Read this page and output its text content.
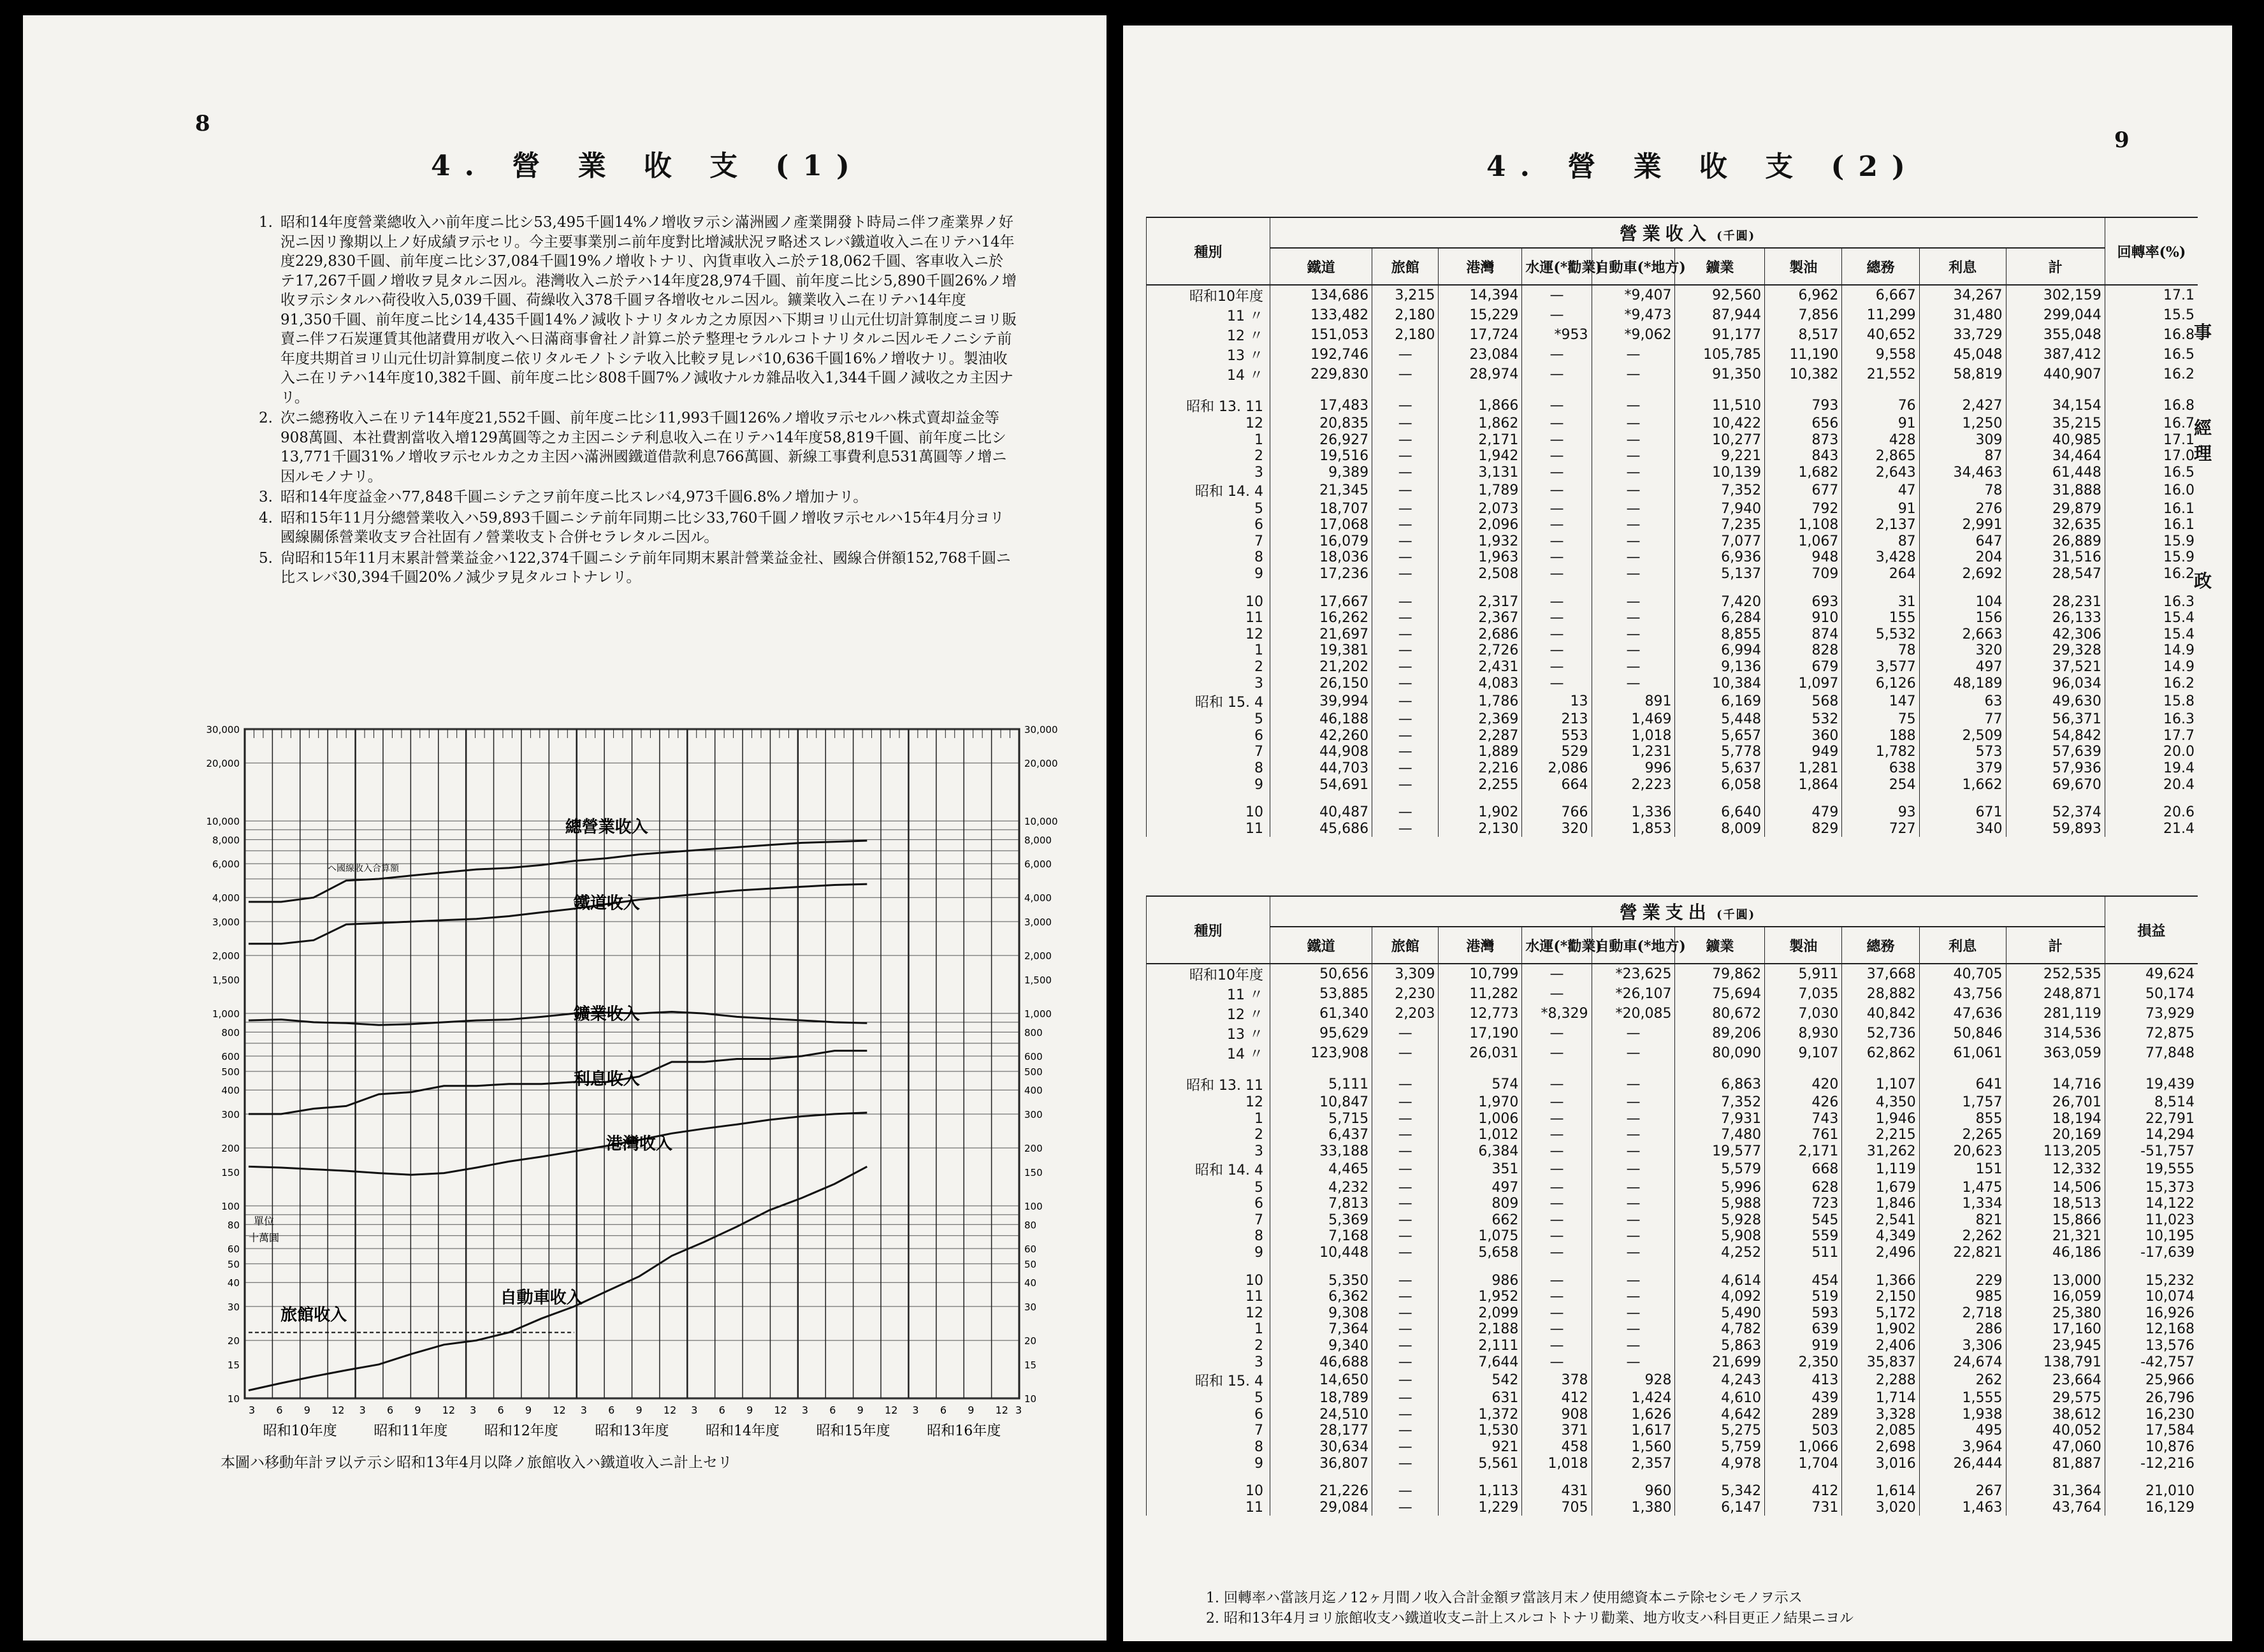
8
4. 營 業 收 支 (1)
1. 昭和14年度營業總收入ハ前年度ニ比シ53,495千圓14%ノ增收ヲ示シ滿洲國ノ產業開發ト時局ニ伴フ產業界ノ好況ニ因リ豫期以上ノ好成績ヲ示セリ。今主要事業別ニ前年度對比增減狀況ヲ略述スレバ鐵道收入ニ在リテハ14年度229,830千圓、前年度ニ比シ37,084千圓19%ノ增收トナリ、內貨車收入ニ於テ18,062千圓、客車收入ニ於テ17,267千圓ノ增收ヲ見タルニ因ル。港灣收入ニ於テハ14年度28,974千圓、前年度ニ比シ5,890千圓26%ノ增收ヲ示シタルハ荷役收入5,039千圓、荷繰收入378千圓ヲ各增收セルニ因ル。鑛業收入ニ在リテハ14年度91,350千圓、前年度ニ比シ14,435千圓14%ノ減收トナリタルカ之カ原因ハ下期ヨリ山元仕切計算制度ニヨリ販賣ニ伴フ石炭運賃其他諸費用ガ收入ヘ日滿商事會社ノ計算ニ於テ整理セラルルコトナリタルニ因ルモノニシテ前年度共期首ヨリ山元仕切計算制度ニ依リタルモノトシテ收入比較ヲ見レバ10,636千圓16%ノ增收ナリ。製油收入ニ在リテハ14年度10,382千圓、前年度ニ比シ808千圓7%ノ減收ナルカ雜品收入1,344千圓ノ減收之カ主因ナリ。
2. 次ニ總務收入ニ在リテ14年度21,552千圓、前年度ニ比シ11,993千圓126%ノ增收ヲ示セルハ株式賣却益金等908萬圓、本社費割當收入增129萬圓等之カ主因ニシテ利息收入ニ在リテハ14年度58,819千圓、前年度ニ比シ13,771千圓31%ノ增收ヲ示セルカ之カ主因ハ滿洲國鐵道借款利息766萬圓、新線工事費利息531萬圓等ノ增ニ因ルモノナリ。
3. 昭和14年度益金ハ77,848千圓ニシテ之ヲ前年度ニ比スレバ4,973千圓6.8%ノ增加ナリ。
4. 昭和15年11月分總營業收入ハ59,893千圓ニシテ前年同期ニ比シ33,760千圓ノ增收ヲ示セルハ15年4月分ヨリ國線關係營業收支ヲ合社固有ノ營業收支ト合併セラレタルニ因ル。
5. 尙昭和15年11月末累計營業益金ハ122,374千圓ニシテ前年同期末累計營業益金社、國線合併額152,768千圓ニ比スレバ30,394千圓20%ノ減少ヲ見タルコトナレリ。
30,000
20,000
10,000
8,000
6,000
4,000
3,000
2,000
1,500
1,000
800
600
500
400
300
200
150
100
80
60
50
40
30
20
15
10
30,000
20,000
10,000
8,000
6,000
4,000
3,000
2,000
1,500
1,000
800
600
500
400
300
200
150
100
80
60
50
40
30
20
15
10
單位
十萬圓
3 6 9 12 3 6 9 12 3 6 9 12 3 6 9 12 3 6 9 12 3 6 9 12 3 6 9 12 3
昭和10年度	昭和11年度	昭和12年度	昭和13年度	昭和14年度	昭和15年度	昭和16年度
總營業收入
鐵道收入
鑛業收入
利息收入
港灣收入
自動車收入
旅館收入
ヘ國線收入合算額
本圖ハ移動年計ヲ以テ示シ昭和13年4月以降ノ旅館收入ハ鐵道收入ニ計上セリ
4. 營 業 收 支 (2)
9
事
經
理
政
種別	營業收入 (千圓)										回轉率(%)
	鐵道	旅館	港灣	水運(*勸業)	自動車(*地方)	鑛業	製油	總務	利息	計	
昭和10年度	134,686	3,215	14,394	—	*9,407	92,560	6,962	6,667	34,267	302,159	17.1
11 〃	133,482	2,180	15,229	—	*9,473	87,944	7,856	11,299	31,480	299,044	15.5
12 〃	151,053	2,180	17,724	*953	*9,062	91,177	8,517	40,652	33,729	355,048	16.8
13 〃	192,746	—	23,084	—	—	105,785	11,190	9,558	45,048	387,412	16.5
14 〃	229,830	—	28,974	—	—	91,350	10,382	21,552	58,819	440,907	16.2

昭和 13. 11	17,483	—	1,866	—	—	11,510	793	76	2,427	34,154	16.8
12	20,835	—	1,862	—	—	10,422	656	91	1,250	35,215	16.7
1	26,927	—	2,171	—	—	10,277	873	428	309	40,985	17.1
2	19,516	—	1,942	—	—	9,221	843	2,865	87	34,464	17.0
3	9,389	—	3,131	—	—	10,139	1,682	2,643	34,463	61,448	16.5
昭和 14. 4	21,345	—	1,789	—	—	7,352	677	47	78	31,888	16.0
5	18,707	—	2,073	—	—	7,940	792	91	276	29,879	16.1
6	17,068	—	2,096	—	—	7,235	1,108	2,137	2,991	32,635	16.1
7	16,079	—	1,932	—	—	7,077	1,067	87	647	26,889	15.9
8	18,036	—	1,963	—	—	6,936	948	3,428	204	31,516	15.9
9	17,236	—	2,508	—	—	5,137	709	264	2,692	28,547	16.2

10	17,667	—	2,317	—	—	7,420	693	31	104	28,231	16.3
11	16,262	—	2,367	—	—	6,284	910	155	156	26,133	15.4
12	21,697	—	2,686	—	—	8,855	874	5,532	2,663	42,306	15.4
1	19,381	—	2,726	—	—	6,994	828	78	320	29,328	14.9
2	21,202	—	2,431	—	—	9,136	679	3,577	497	37,521	14.9
3	26,150	—	4,083	—	—	10,384	1,097	6,126	48,189	96,034	16.2
昭和 15. 4	39,994	—	1,786	13	891	6,169	568	147	63	49,630	15.8
5	46,188	—	2,369	213	1,469	5,448	532	75	77	56,371	16.3
6	42,260	—	2,287	553	1,018	5,657	360	188	2,509	54,842	17.7
7	44,908	—	1,889	529	1,231	5,778	949	1,782	573	57,639	20.0
8	44,703	—	2,216	2,086	996	5,637	1,281	638	379	57,936	19.4
9	54,691	—	2,255	664	2,223	6,058	1,864	254	1,662	69,670	20.4

10	40,487	—	1,902	766	1,336	6,640	479	93	671	52,374	20.6
11	45,686	—	2,130	320	1,853	8,009	829	727	340	59,893	21.4
種別	營業支出 (千圓)										損益
	鐵道	旅館	港灣	水運(*勸業)	自動車(*地方)	鑛業	製油	總務	利息	計	
昭和10年度	50,656	3,309	10,799	—	*23,625	79,862	5,911	37,668	40,705	252,535	49,624
11 〃	53,885	2,230	11,282	—	*26,107	75,694	7,035	28,882	43,756	248,871	50,174
12 〃	61,340	2,203	12,773	*8,329	*20,085	80,672	7,030	40,842	47,636	281,119	73,929
13 〃	95,629	—	17,190	—	—	89,206	8,930	52,736	50,846	314,536	72,875
14 〃	123,908	—	26,031	—	—	80,090	9,107	62,862	61,061	363,059	77,848

昭和 13. 11	5,111	—	574	—	—	6,863	420	1,107	641	14,716	19,439
12	10,847	—	1,970	—	—	7,352	426	4,350	1,757	26,701	8,514
1	5,715	—	1,006	—	—	7,931	743	1,946	855	18,194	22,791
2	6,437	—	1,012	—	—	7,480	761	2,215	2,265	20,169	14,294
3	33,188	—	6,384	—	—	19,577	2,171	31,262	20,623	113,205	-51,757
昭和 14. 4	4,465	—	351	—	—	5,579	668	1,119	151	12,332	19,555
5	4,232	—	497	—	—	5,996	628	1,679	1,475	14,506	15,373
6	7,813	—	809	—	—	5,988	723	1,846	1,334	18,513	14,122
7	5,369	—	662	—	—	5,928	545	2,541	821	15,866	11,023
8	7,168	—	1,075	—	—	5,908	559	4,349	2,262	21,321	10,195
9	10,448	—	5,658	—	—	4,252	511	2,496	22,821	46,186	-17,639

10	5,350	—	986	—	—	4,614	454	1,366	229	13,000	15,232
11	6,362	—	1,952	—	—	4,092	519	2,150	985	16,059	10,074
12	9,308	—	2,099	—	—	5,490	593	5,172	2,718	25,380	16,926
1	7,364	—	2,188	—	—	4,782	639	1,902	286	17,160	12,168
2	9,340	—	2,111	—	—	5,863	919	2,406	3,306	23,945	13,576
3	46,688	—	7,644	—	—	21,699	2,350	35,837	24,674	138,791	-42,757
昭和 15. 4	14,650	—	542	378	928	4,243	413	2,288	262	23,664	25,966
5	18,789	—	631	412	1,424	4,610	439	1,714	1,555	29,575	26,796
6	24,510	—	1,372	908	1,626	4,642	289	3,328	1,938	38,612	16,230
7	28,177	—	1,530	371	1,617	5,275	503	2,085	495	40,052	17,584
8	30,634	—	921	458	1,560	5,759	1,066	2,698	3,964	47,060	10,876
9	36,807	—	5,561	1,018	2,357	4,978	1,704	3,016	26,444	81,887	-12,216

10	21,226	—	1,113	431	960	5,342	412	1,614	267	31,364	21,010
11	29,084	—	1,229	705	1,380	6,147	731	3,020	1,463	43,764	16,129
1. 回轉率ハ當該月迄ノ12ヶ月間ノ收入合計金額ヲ當該月末ノ使用總資本ニテ除セシモノヲ示ス
2. 昭和13年4月ヨリ旅館收支ハ鐵道收支ニ計上スルコトトナリ勸業、地方收支ハ科目更正ノ結果ニヨル
